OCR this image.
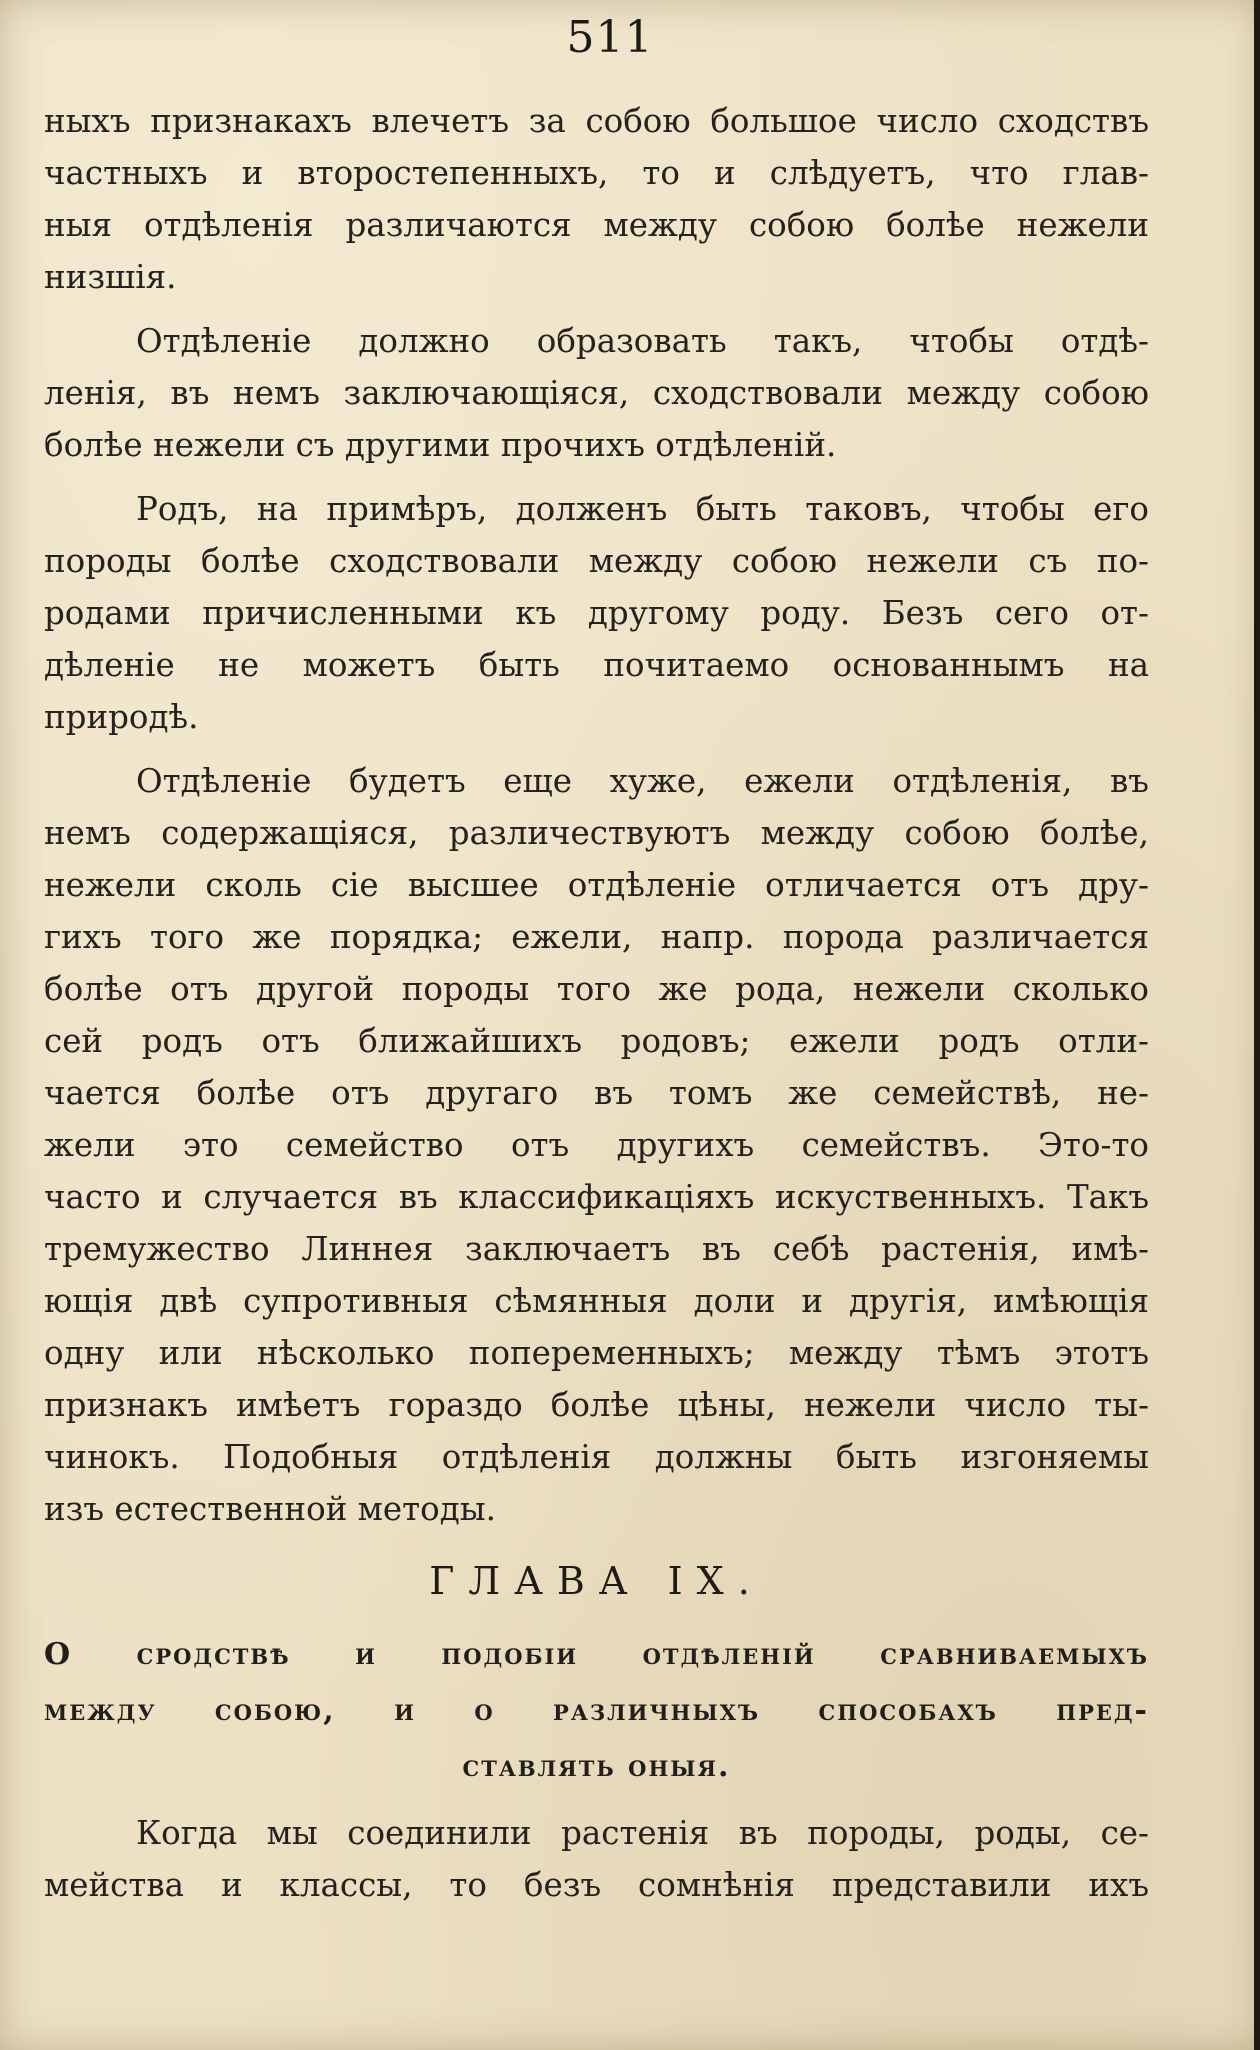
511
ныхъ признакахъ влечетъ за собою большое число сходствъ
частныхъ и второстепенныхъ, то и слѣдуетъ, что глав-
ныя отдѣленія различаются между собою болѣе нежели
низшія.
Отдѣленіе должно образовать такъ, чтобы отдѣ-
ленія, въ немъ заключающіяся, сходствовали между собою
болѣе нежели съ другими прочихъ отдѣленій.
Родъ, на примѣръ, долженъ быть таковъ, чтобы его
породы болѣе сходствовали между собою нежели съ по-
родами причисленными къ другому роду. Безъ сего от-
дѣленіе не можетъ быть почитаемо основаннымъ на
природѣ.
Отдѣленіе будетъ еще хуже, ежели отдѣленія, въ
немъ содержащіяся, различествуютъ между собою болѣе,
нежели сколь сіе высшее отдѣленіе отличается отъ дру-
гихъ того же порядка; ежели, напр. порода различается
болѣе отъ другой породы того же рода, нежели сколько
сей родъ отъ ближайшихъ родовъ; ежели родъ отли-
чается болѣе отъ другаго въ томъ же семействѣ, не-
жели это семейство отъ другихъ семействъ. Это-то
часто и случается въ классификаціяхъ искуственныхъ. Такъ
тремужество Линнея заключаетъ въ себѣ растенія, имѣ-
ющія двѣ супротивныя сѣмянныя доли и другія, имѣющія
одну или нѣсколько попеременныхъ; между тѣмъ этотъ
признакъ имѣетъ гораздо болѣе цѣны, нежели число ты-
чинокъ. Подобныя отдѣленія должны быть изгоняемы
изъ естественной методы.
ГЛАВА IX.
О сродствѣ и подобіи отдѣленій сравниваемыхъ
между собою, и о различныхъ способахъ пред-
ставлять оныя.
Когда мы соединили растенія въ породы, роды, се-
мейства и классы, то безъ сомнѣнія представили ихъ
